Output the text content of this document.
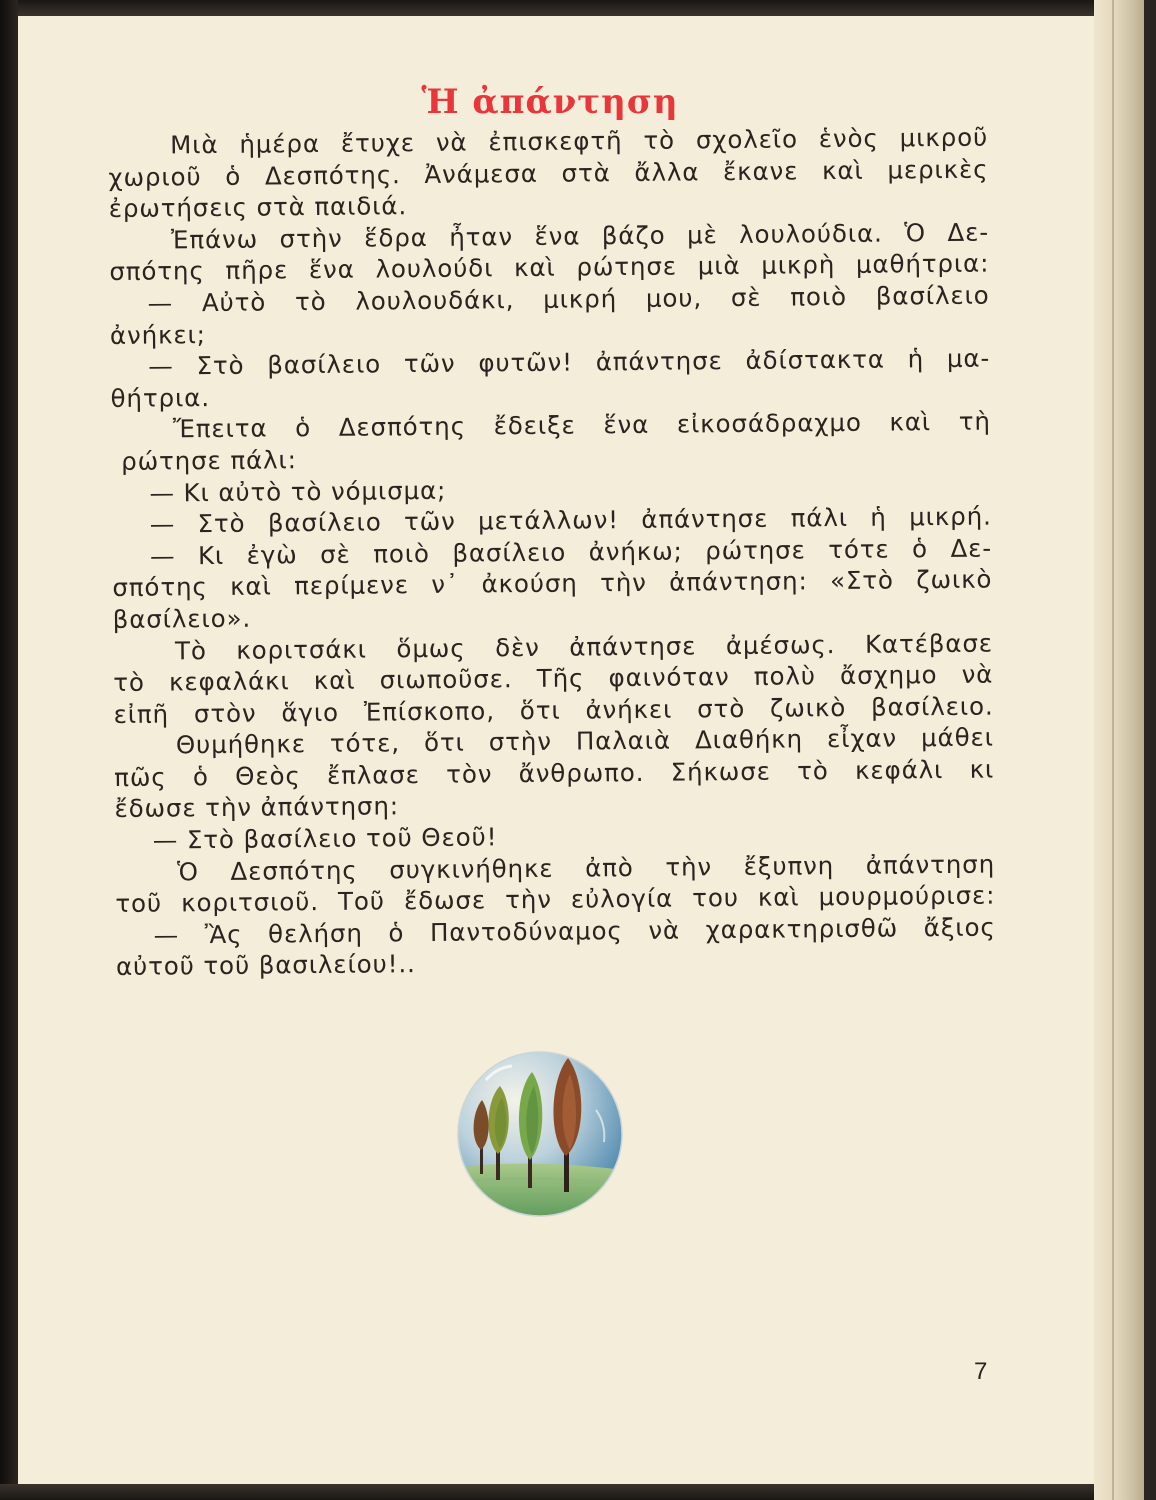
Ἡ ἀπάντηση
Μιὰ ἡμέρα ἔτυχε νὰ ἐπισκεφτῆ τὸ σχολεῖο ἑνὸς μικροῦ
χωριοῦ ὁ Δεσπότης. Ἀνάμεσα στὰ ἄλλα ἔκανε καὶ μερικὲς
ἐρωτήσεις στὰ παιδιά.
Ἐπάνω στὴν ἕδρα ἦταν ἕνα βάζο μὲ λουλούδια. Ὁ Δε-
σπότης πῆρε ἕνα λουλούδι καὶ ρώτησε μιὰ μικρὴ μαθήτρια:
— Αὐτὸ τὸ λουλουδάκι, μικρή μου, σὲ ποιὸ βασίλειο
ἀνήκει;
— Στὸ βασίλειο τῶν φυτῶν! ἀπάντησε ἀδίστακτα ἡ μα-
θήτρια.
Ἔπειτα ὁ Δεσπότης ἔδειξε ἕνα εἰκοσάδραχμο καὶ τὴ
ρώτησε πάλι:
— Κι αὐτὸ τὸ νόμισμα;
— Στὸ βασίλειο τῶν μετάλλων! ἀπάντησε πάλι ἡ μικρή.
— Κι ἐγὼ σὲ ποιὸ βασίλειο ἀνήκω; ρώτησε τότε ὁ Δε-
σπότης καὶ περίμενε ν᾿ ἀκούση τὴν ἀπάντηση: «Στὸ ζωικὸ
βασίλειο».
Τὸ κοριτσάκι ὅμως δὲν ἀπάντησε ἀμέσως. Κατέβασε
τὸ κεφαλάκι καὶ σιωποῦσε. Τῆς φαινόταν πολὺ ἄσχημο νὰ
εἰπῆ στὸν ἅγιο Ἐπίσκοπο, ὅτι ἀνήκει στὸ ζωικὸ βασίλειο.
Θυμήθηκε τότε, ὅτι στὴν Παλαιὰ Διαθήκη εἶχαν μάθει
πῶς ὁ Θεὸς ἔπλασε τὸν ἄνθρωπο. Σήκωσε τὸ κεφάλι κι
ἔδωσε τὴν ἀπάντηση:
— Στὸ βασίλειο τοῦ Θεοῦ!
Ὁ Δεσπότης συγκινήθηκε ἀπὸ τὴν ἔξυπνη ἀπάντηση
τοῦ κοριτσιοῦ. Τοῦ ἔδωσε τὴν εὐλογία του καὶ μουρμούρισε:
— Ἂς θελήση ὁ Παντοδύναμος νὰ χαρακτηρισθῶ ἄξιος
αὐτοῦ τοῦ βασιλείου!..
7
